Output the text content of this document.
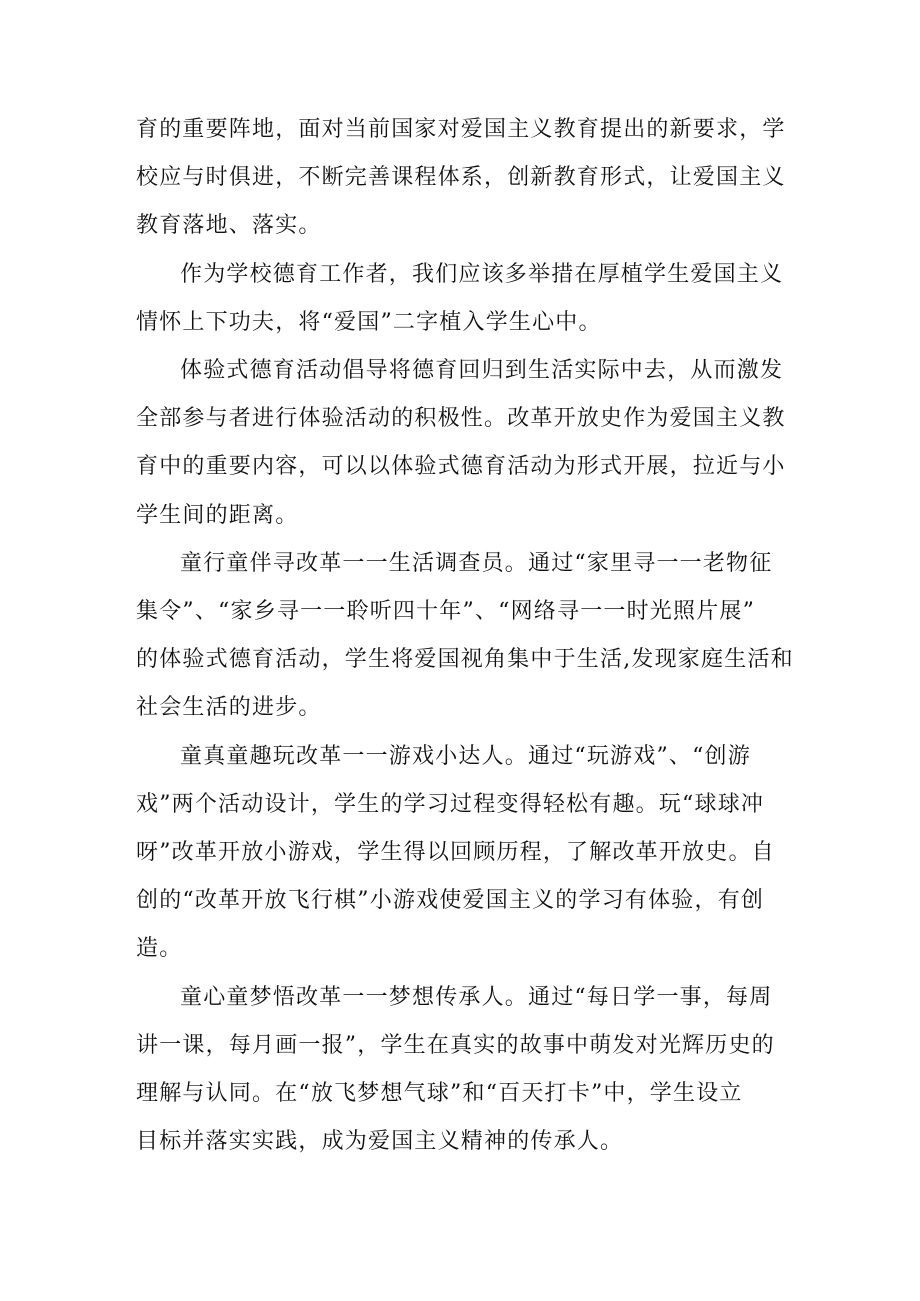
育的重要阵地，面对当前国家对爱国主义教育提出的新要求，学
校应与时俱进，不断完善课程体系，创新教育形式，让爱国主义
教育落地、落实。

作为学校德育工作者，我们应该多举措在厚植学生爱国主义
情怀上下功夫，将“爱国”二字植入学生心中。

体验式德育活动倡导将德育回归到生活实际中去，从而激发
全部参与者进行体验活动的积极性。改革开放史作为爱国主义教
育中的重要内容，可以以体验式德育活动为形式开展，拉近与小
学生间的距离。

童行童伴寻改革一一生活调查员。通过“家里寻一一老物征
集令”、“家乡寻一一聆听四十年”、“网络寻一一时光照片展”
的体验式德育活动，学生将爱国视角集中于生活,发现家庭生活和
社会生活的进步。

童真童趣玩改革一一游戏小达人。通过“玩游戏”、“创游
戏”两个活动设计，学生的学习过程变得轻松有趣。玩“球球冲
呀”改革开放小游戏，学生得以回顾历程，了解改革开放史。自
创的“改革开放飞行棋”小游戏使爱国主义的学习有体验，有创
造。

童心童梦悟改革一一梦想传承人。通过“每日学一事，每周
讲一课，每月画一报”，学生在真实的故事中萌发对光辉历史的
理解与认同。在“放飞梦想气球”和“百天打卡”中，学生设立
目标并落实实践，成为爱国主义精神的传承人。
